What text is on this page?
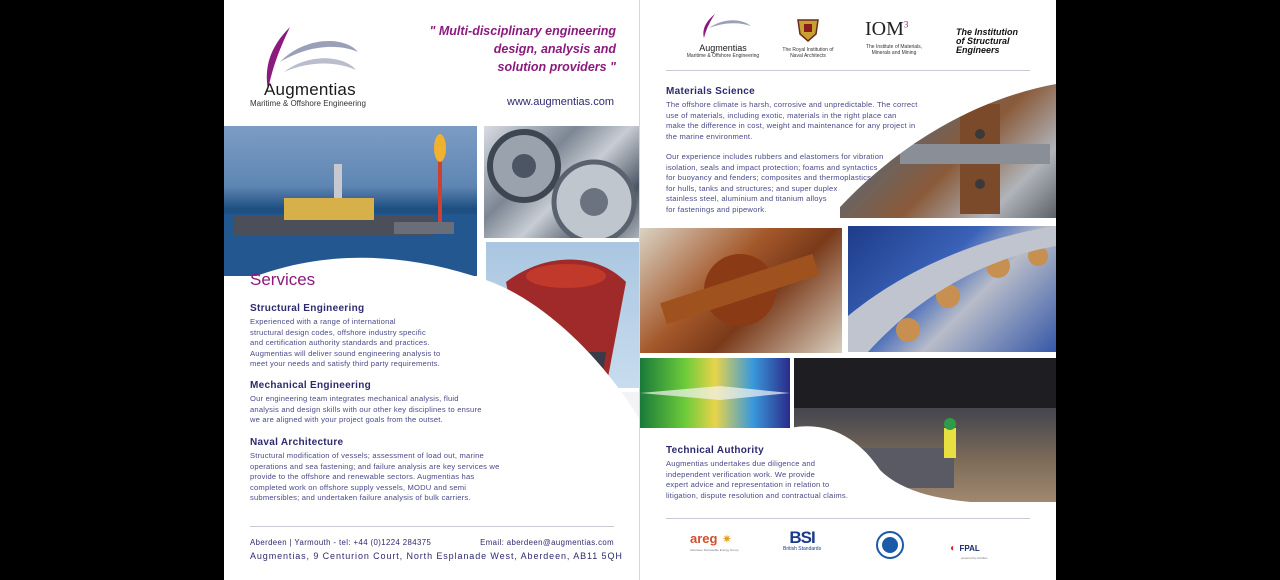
Augmentias
Maritime & Offshore Engineering
" Multi-disciplinary engineering
design, analysis and
solution providers "
www.augmentias.com
Services
Structural Engineering
Experienced with a range of international
structural design codes, offshore industry specific
and certification authority standards and practices.
Augmentias will deliver sound engineering analysis to
meet your needs and satisfy third party requirements.
Mechanical Engineering
Our engineering team integrates mechanical analysis, fluid
analysis and design skills with our other key disciplines to ensure
we are aligned with your project goals from the outset.
Naval Architecture
Structural modification of vessels; assessment of load out, marine
operations and sea fastening; and failure analysis are key services we
provide to the offshore and renewable sectors. Augmentias has
completed work on offshore supply vessels, MODU and semi
submersibles; and undertaken failure analysis of bulk carriers.
Aberdeen | Yarmouth - tel: +44 (0)1224 284375	Email: aberdeen@augmentias.com
Augmentias, 9 Centurion Court, North Esplanade West, Aberdeen, AB11 5QH
Augmentias
Maritime & Offshore Engineering
The Royal Institution of
Naval Architects
IOM$^3$
The Institute of Materials,
Minerals and Mining
The Institution
of Structural
Engineers
Materials Science
The offshore climate is harsh, corrosive and unpredictable. The correct
use of materials, including exotic, materials in the right place can
make the difference in cost, weight and maintenance for any project in
the marine environment.
Our experience includes rubbers and elastomers for vibration
isolation, seals and impact protection; foams and syntactics
for buoyancy and fenders; composites and thermoplastics
for hulls, tanks and structures; and super duplex
stainless steel, aluminium and titanium alloys
for fastenings and pipework.
Technical Authority
Augmentias undertakes due diligence and
independent verification work. We provide
expert advice and representation in relation to
litigation, dispute resolution and contractual claims.
areg ✷
Aberdeen Renewable Energy Group
BSI
British Standards	◖ FPAL
powered by Achilles
